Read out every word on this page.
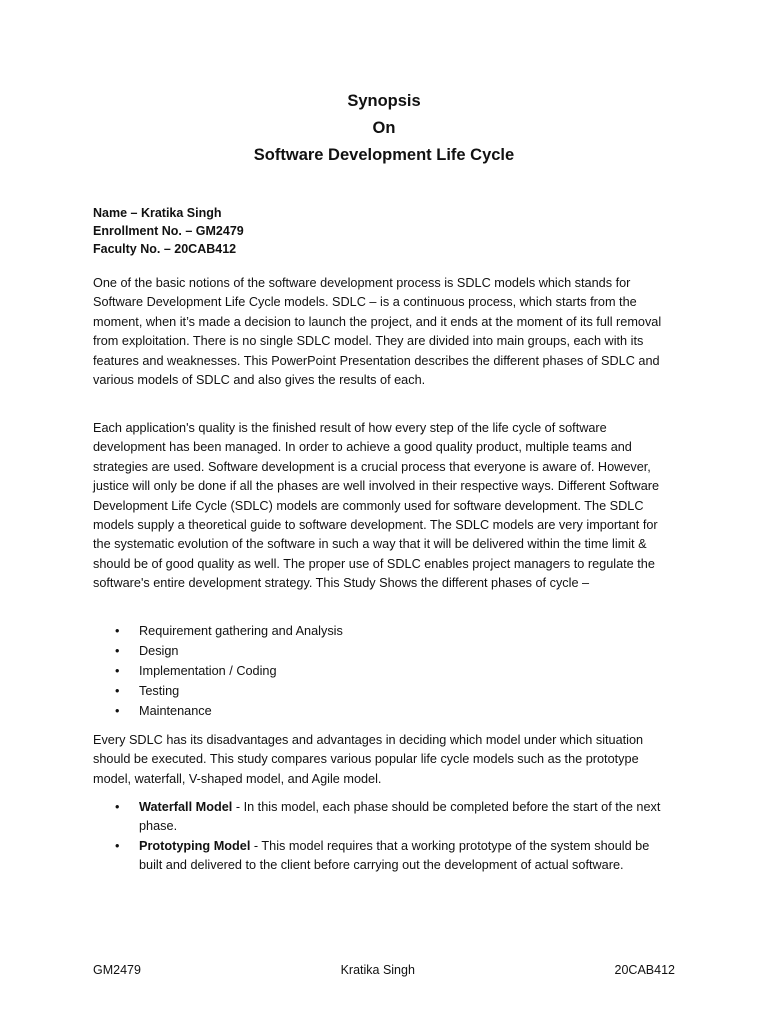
Synopsis

On

Software Development Life Cycle

Name – Kratika Singh
Enrollment No. – GM2479
Faculty No. – 20CAB412

One of the basic notions of the software development process is SDLC models which stands for Software Development Life Cycle models. SDLC – is a continuous process, which starts from the moment, when it’s made a decision to launch the project, and it ends at the moment of its full removal from exploitation. There is no single SDLC model. They are divided into main groups, each with its features and weaknesses. This PowerPoint Presentation describes the different phases of SDLC and various models of SDLC and also gives the results of each.

Each application's quality is the finished result of how every step of the life cycle of software development has been managed. In order to achieve a good quality product, multiple teams and strategies are used. Software development is a crucial process that everyone is aware of. However, justice will only be done if all the phases are well involved in their respective ways. Different Software Development Life Cycle (SDLC) models are commonly used for software development. The SDLC models supply a theoretical guide to software development. The SDLC models are very important for the systematic evolution of the software in such a way that it will be delivered within the time limit & should be of good quality as well. The proper use of SDLC enables project managers to regulate the software's entire development strategy. This Study Shows the different phases of cycle –

• Requirement gathering and Analysis
• Design
• Implementation / Coding
• Testing
• Maintenance

Every SDLC has its disadvantages and advantages in deciding which model under which situation should be executed. This study compares various popular life cycle models such as the prototype model, waterfall, V-shaped model, and Agile model.

• Waterfall Model - In this model, each phase should be completed before the start of the next phase.
• Prototyping Model - This model requires that a working prototype of the system should be built and delivered to the client before carrying out the development of actual software.
GM2479	Kratika Singh	20CAB412
